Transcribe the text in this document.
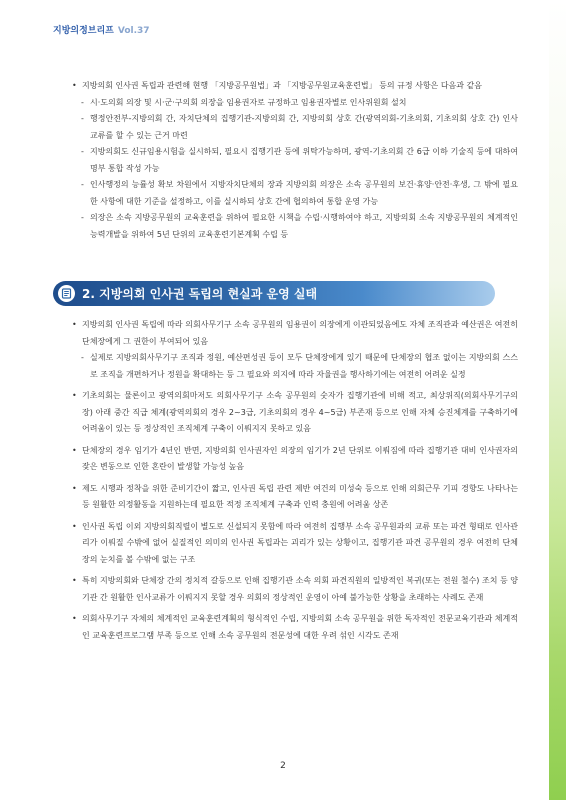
지방의정브리프 Vol.37
• 지방의회 인사권 독립과 관련해 현행 「지방공무원법」과 「지방공무원교육훈련법」 등의 규정 사항은 다음과 같음
- 시·도의회 의장 및 시·군·구의회 의장을 임용권자로 규정하고 임용권자별로 인사위원회 설치
- 행정안전부-지방의회 간, 자치단체의 집행기관-지방의회 간, 지방의회 상호 간(광역의회-기초의회, 기초의회 상호 간) 인사교류를 할 수 있는 근거 마련
- 지방의회도 신규임용시험을 실시하되, 필요시 집행기관 등에 위탁가능하며, 광역-기초의회 간 6급 이하 기술직 등에 대하여 명부 통합 작성 가능
- 인사행정의 능률성 확보 차원에서 지방자치단체의 장과 지방의회 의장은 소속 공무원의 보건·휴양·안전·후생, 그 밖에 필요한 사항에 대한 기준을 설정하고, 이를 실시하되 상호 간에 협의하여 통합 운영 가능
- 의장은 소속 지방공무원의 교육훈련을 위하여 필요한 시책을 수립·시행하여야 하고, 지방의회 소속 지방공무원의 체계적인 능력개발을 위하여 5년 단위의 교육훈련기본계획 수립 등
2. 지방의회 인사권 독립의 현실과 운영 실태
• 지방의회 인사권 독립에 따라 의회사무기구 소속 공무원의 임용권이 의장에게 이관되었음에도 자체 조직관과 예산권은 여전히 단체장에게 그 권한이 부여되어 있음
- 실제로 지방의회사무기구 조직과 정원, 예산편성권 등이 모두 단체장에게 있기 때문에 단체장의 협조 없이는 지방의회 스스로 조직을 개편하거나 정원을 확대하는 등 그 필요와 의지에 따라 자율권을 행사하기에는 여전히 어려운 실정
• 기초의회는 물론이고 광역의회마저도 의회사무기구 소속 공무원의 숫자가 집행기관에 비해 적고, 최상위직(의회사무기구의 장) 아래 중간 직급 체계(광역의회의 경우 2~3급, 기초의회의 경우 4~5급) 부존재 등으로 인해 자체 승진체계를 구축하기에 어려움이 있는 등 정상적인 조직체계 구축이 이뤄지지 못하고 있음
• 단체장의 경우 임기가 4년인 반면, 지방의회 인사권자인 의장의 임기가 2년 단위로 이뤄짐에 따라 집행기관 대비 인사권자의 잦은 변동으로 인한 혼란이 발생할 가능성 높음
• 제도 시행과 정착을 위한 준비기간이 짧고, 인사권 독립 관련 제반 여건의 미성숙 등으로 인해 의회근무 기피 경향도 나타나는 등 원활한 의정활동을 지원하는데 필요한 적정 조직체계 구축과 인력 충원에 어려움 상존
• 인사권 독립 이외 지방의회직렬이 별도로 신설되지 못함에 따라 여전히 집행부 소속 공무원과의 교류 또는 파견 형태로 인사관리가 이뤄질 수밖에 없어 실질적인 의미의 인사권 독립과는 괴리가 있는 상황이고, 집행기관 파견 공무원의 경우 여전히 단체장의 눈치를 볼 수밖에 없는 구조
• 특히 지방의회와 단체장 간의 정치적 갈등으로 인해 집행기관 소속 의회 파견직원의 일방적인 복귀(또는 전원 철수) 조치 등 양 기관 간 원활한 인사교류가 이뤄지지 못할 경우 의회의 정상적인 운영이 아예 불가능한 상황을 초래하는 사례도 존재
• 의회사무기구 자체의 체계적인 교육훈련계획의 형식적인 수립, 지방의회 소속 공무원을 위한 독자적인 전문교육기관과 체계적인 교육훈련프로그램 부족 등으로 인해 소속 공무원의 전문성에 대한 우려 섞인 시각도 존재
2
